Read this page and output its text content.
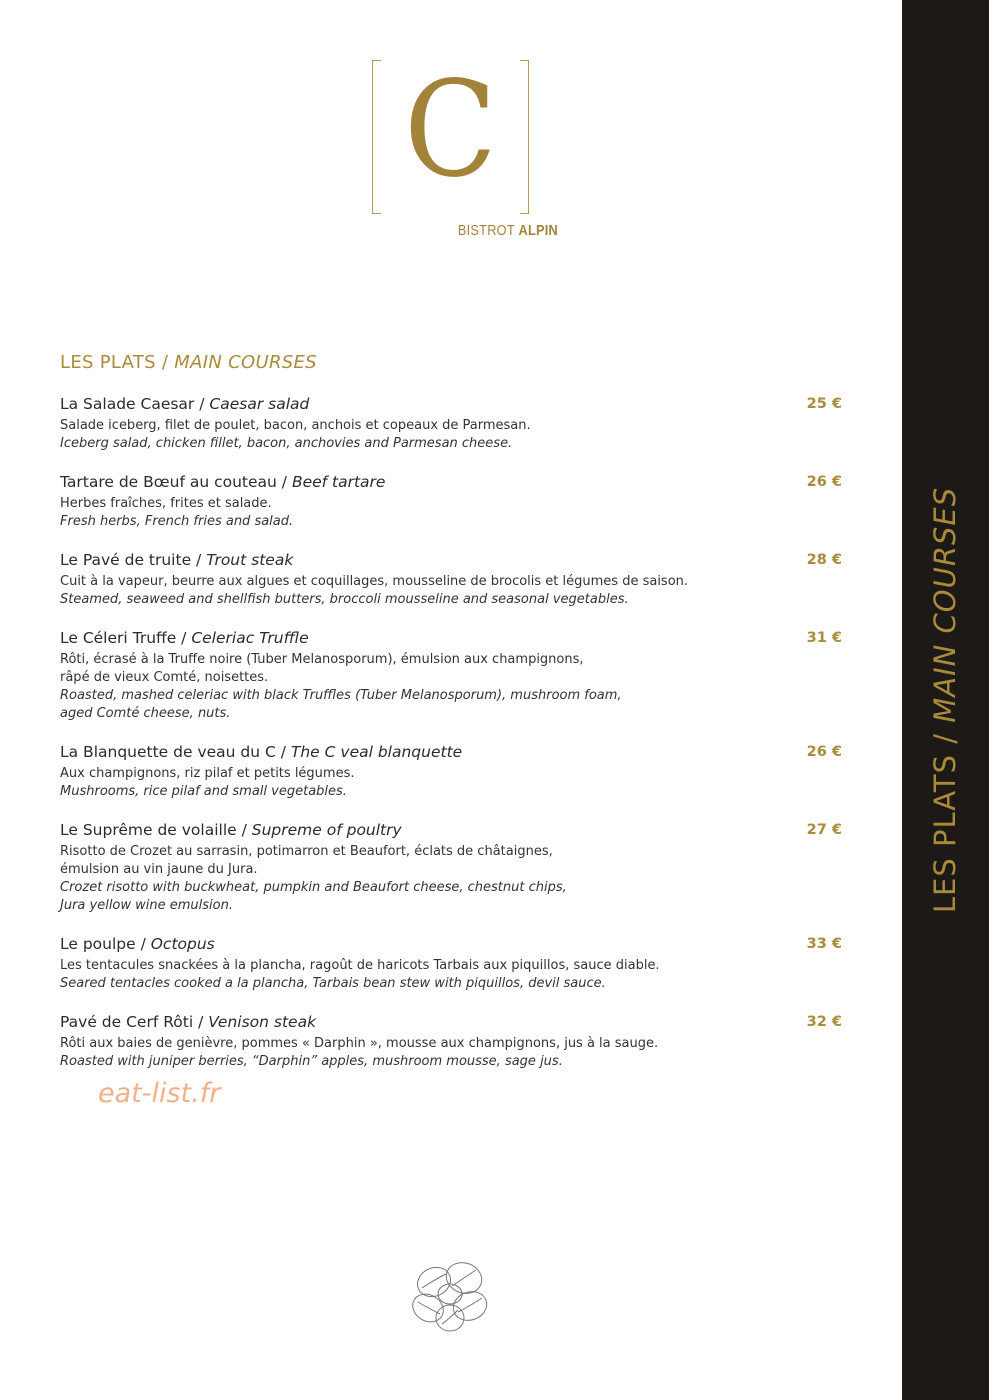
LES PLATS / MAIN COURSES
C
BISTROT ALPIN
LES PLATS / MAIN COURSES
La Salade Caesar / Caesar salad	25 €
Salade iceberg, filet de poulet, bacon, anchois et copeaux de Parmesan.
Iceberg salad, chicken fillet, bacon, anchovies and Parmesan cheese.
Tartare de Bœuf au couteau / Beef tartare	26 €
Herbes fraîches, frites et salade.
Fresh herbs, French fries and salad.
Le Pavé de truite / Trout steak	28 €
Cuit à la vapeur, beurre aux algues et coquillages, mousseline de brocolis et légumes de saison.
Steamed, seaweed and shellfish butters, broccoli mousseline and seasonal vegetables.
Le Céleri Truffe / Celeriac Truffle	31 €
Rôti, écrasé à la Truffe noire (Tuber Melanosporum), émulsion aux champignons,
râpé de vieux Comté, noisettes.
Roasted, mashed celeriac with black Truffles (Tuber Melanosporum), mushroom foam,
aged Comté cheese, nuts.
La Blanquette de veau du C / The C veal blanquette	26 €
Aux champignons, riz pilaf et petits légumes.
Mushrooms, rice pilaf and small vegetables.
Le Suprême de volaille / Supreme of poultry	27 €
Risotto de Crozet au sarrasin, potimarron et Beaufort, éclats de châtaignes,
émulsion au vin jaune du Jura.
Crozet risotto with buckwheat, pumpkin and Beaufort cheese, chestnut chips,
Jura yellow wine emulsion.
Le poulpe / Octopus	33 €
Les tentacules snackées à la plancha, ragoût de haricots Tarbais aux piquillos, sauce diable.
Seared tentacles cooked a la plancha, Tarbais bean stew with piquillos, devil sauce.
Pavé de Cerf Rôti / Venison steak	32 €
Rôti aux baies de genièvre, pommes « Darphin », mousse aux champignons, jus à la sauge.
Roasted with juniper berries, “Darphin” apples, mushroom mousse, sage jus.
eat-list.fr
